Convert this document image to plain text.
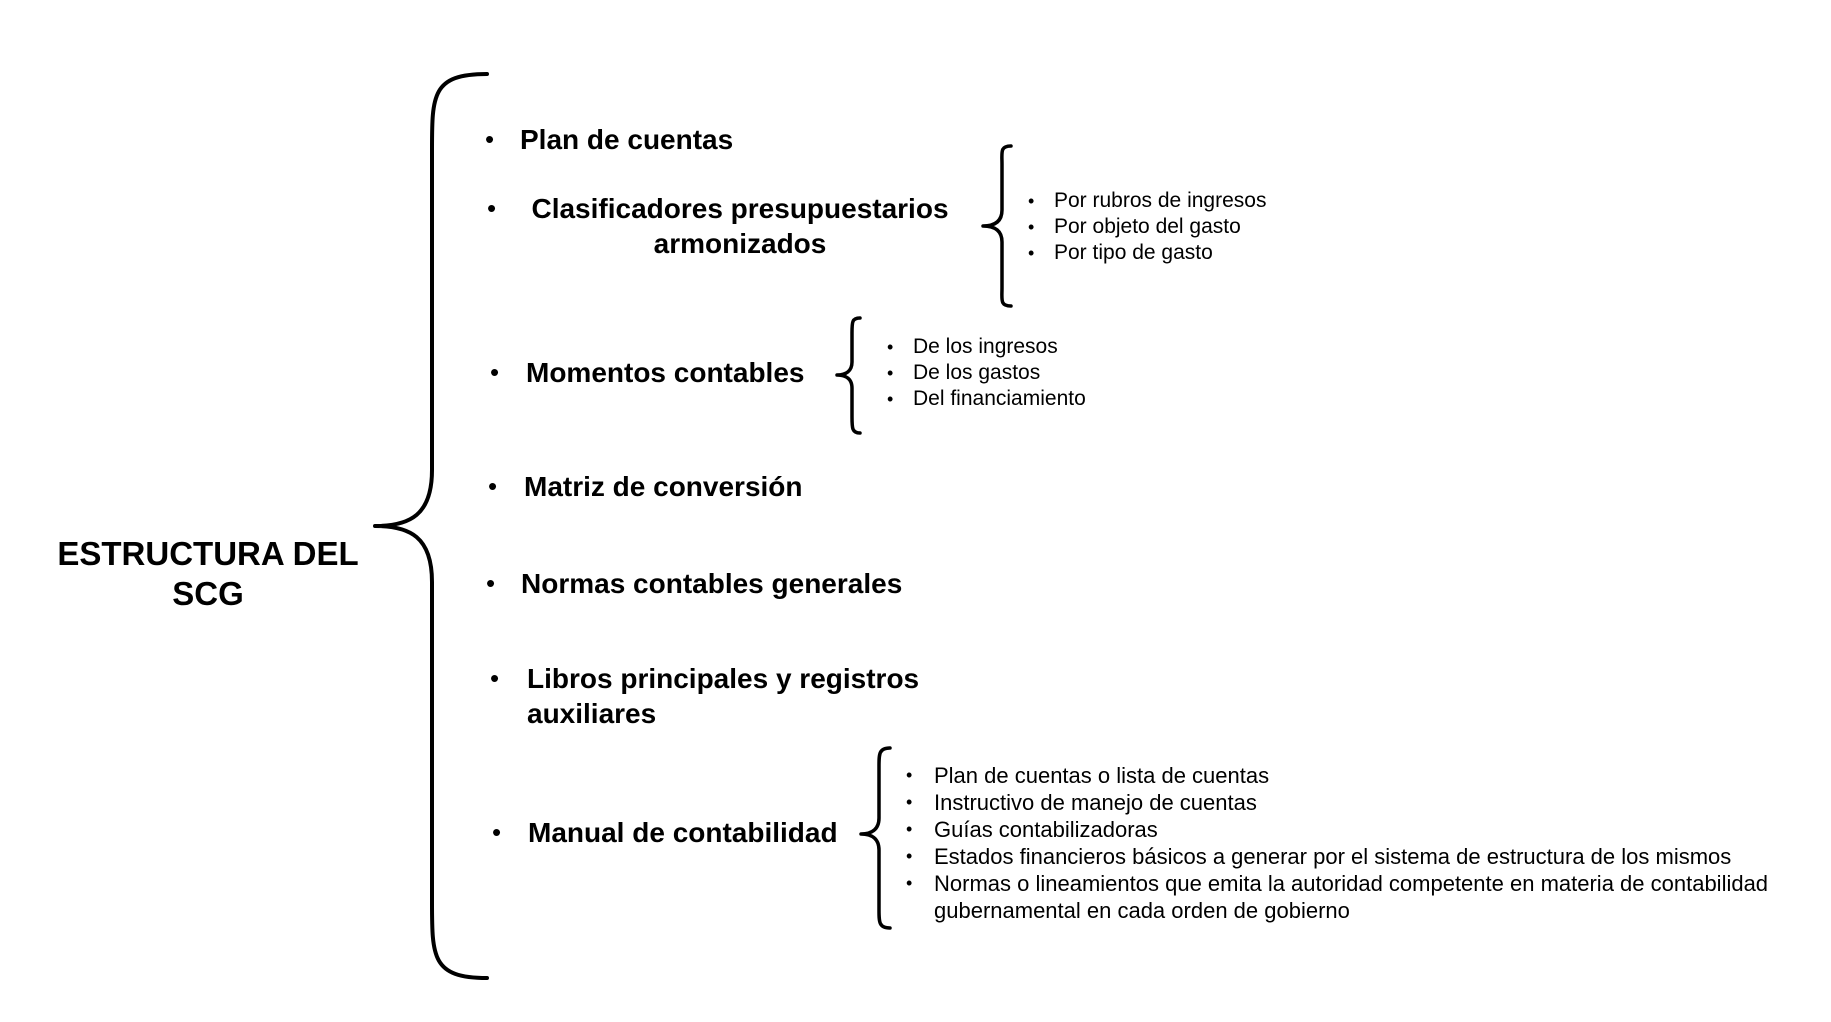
ESTRUCTURA DEL
SCG
• Plan de cuentas
•	Clasificadores presupuestarios
armonizados
• Por rubros de ingresos
• Por objeto del gasto
• Por tipo de gasto
• Momentos contables
• De los ingresos
• De los gastos
• Del financiamiento
• Matriz de conversión
• Normas contables generales
• Libros principales y registros
auxiliares
• Manual de contabilidad
• Plan de cuentas o lista de cuentas
• Instructivo de manejo de cuentas
• Guías contabilizadoras
• Estados financieros básicos a generar por el sistema de estructura de los mismos
• Normas o lineamientos que emita la autoridad competente en materia de contabilidad
gubernamental en cada orden de gobierno
